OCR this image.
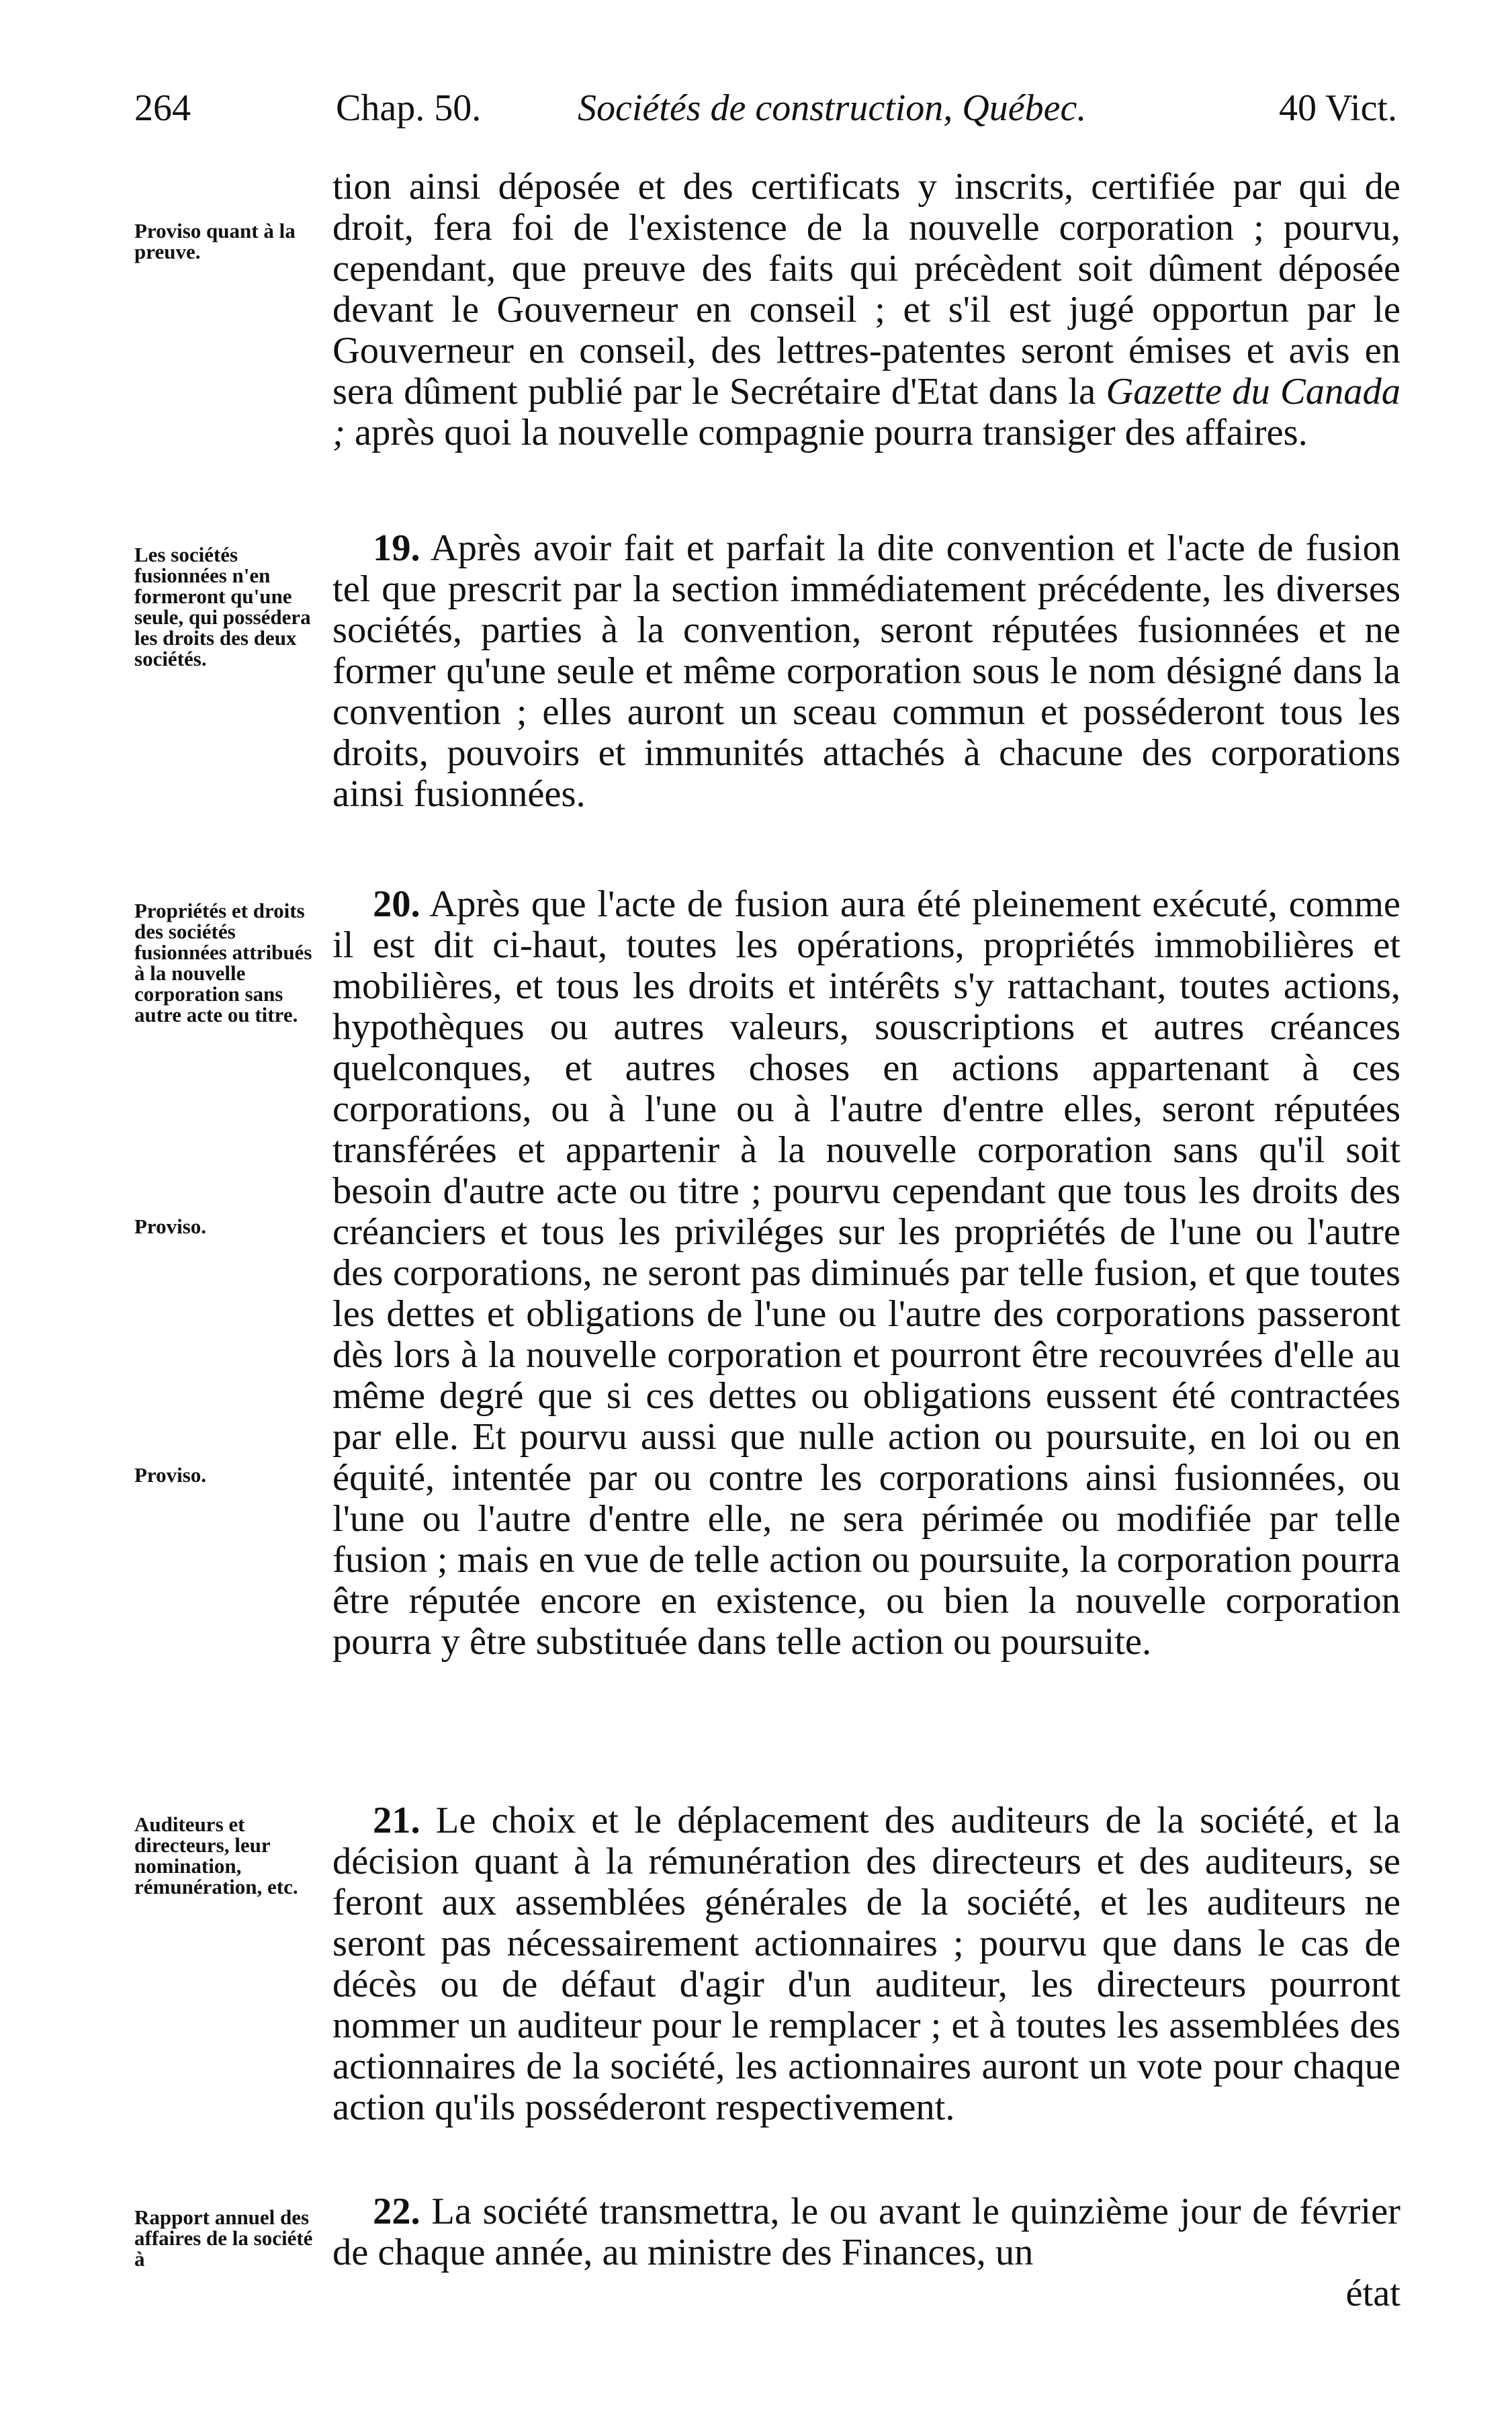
264	Chap. 50.	Sociétés de construction, Québec.	40 Vict.
Proviso quant à la preuve.

tion ainsi déposée et des certificats y inscrits, certifiée par qui de droit, fera foi de l'existence de la nouvelle corporation ; pourvu, cependant, que preuve des faits qui précèdent soit dûment déposée devant le Gouverneur en conseil ; et s'il est jugé opportun par le Gouverneur en conseil, des lettres-patentes seront émises et avis en sera dûment publié par le Secrétaire d'Etat dans la Gazette du Canada ; après quoi la nouvelle compagnie pourra transiger des affaires.

Les sociétés fusionnées n'en formeront qu'une seule, qui possédera les droits des deux sociétés.

19. Après avoir fait et parfait la dite convention et l'acte de fusion tel que prescrit par la section immédiatement précédente, les diverses sociétés, parties à la convention, seront réputées fusionnées et ne former qu'une seule et même corporation sous le nom désigné dans la convention ; elles auront un sceau commun et posséderont tous les droits, pouvoirs et immunités attachés à chacune des corporations ainsi fusionnées.

Propriétés et droits des sociétés fusionnées attribués à la nouvelle corporation sans autre acte ou titre.
Proviso.
Proviso.

20. Après que l'acte de fusion aura été pleinement exécuté, comme il est dit ci-haut, toutes les opérations, propriétés immobilières et mobilières, et tous les droits et intérêts s'y rattachant, toutes actions, hypothèques ou autres valeurs, souscriptions et autres créances quelconques, et autres choses en actions appartenant à ces corporations, ou à l'une ou à l'autre d'entre elles, seront réputées transférées et appartenir à la nouvelle corporation sans qu'il soit besoin d'autre acte ou titre ; pourvu cependant que tous les droits des créanciers et tous les priviléges sur les propriétés de l'une ou l'autre des corporations, ne seront pas diminués par telle fusion, et que toutes les dettes et obligations de l'une ou l'autre des corporations passeront dès lors à la nouvelle corporation et pourront être recouvrées d'elle au même degré que si ces dettes ou obligations eussent été contractées par elle. Et pourvu aussi que nulle action ou poursuite, en loi ou en équité, intentée par ou contre les corporations ainsi fusionnées, ou l'une ou l'autre d'entre elle, ne sera périmée ou modifiée par telle fusion ; mais en vue de telle action ou poursuite, la corporation pourra être réputée encore en existence, ou bien la nouvelle corporation pourra y être substituée dans telle action ou poursuite.

Auditeurs et directeurs, leur nomination, rémunération, etc.

21. Le choix et le déplacement des auditeurs de la société, et la décision quant à la rémunération des directeurs et des auditeurs, se feront aux assemblées générales de la société, et les auditeurs ne seront pas nécessairement actionnaires ; pourvu que dans le cas de décès ou de défaut d'agir d'un auditeur, les directeurs pourront nommer un auditeur pour le remplacer ; et à toutes les assemblées des actionnaires de la société, les actionnaires auront un vote pour chaque action qu'ils posséderont respectivement.

Rapport annuel des affaires de la société à

22. La société transmettra, le ou avant le quinzième jour de février de chaque année, au ministre des Finances, un

état
